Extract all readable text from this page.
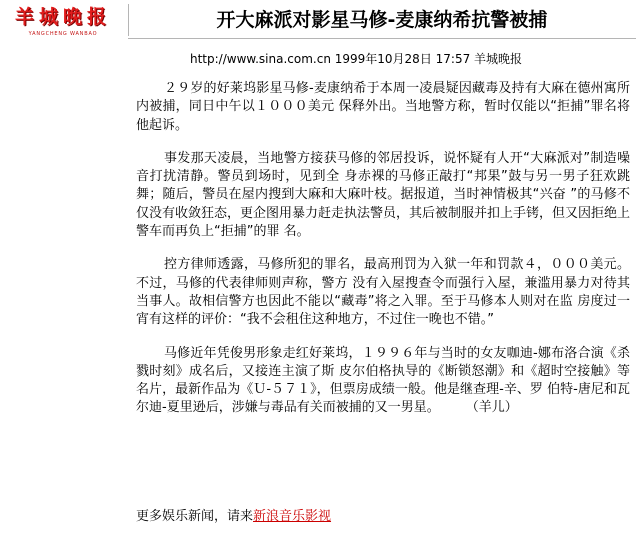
羊城晚报
YANGCHENG WANBAO
开大麻派对影星马修-麦康纳希抗警被捕
http://www.sina.com.cn 1999年10月28日 17:57 羊城晚报

２９岁的好莱坞影星马修-麦康纳希于本周一凌晨疑因藏毒及持有大麻在德州寓所内被捕，同日中午以１０００美元 保释外出。当地警方称，暂时仅能以“拒捕”罪名将他起诉。

事发那天凌晨，当地警方接获马修的邻居投诉，说怀疑有人开“大麻派对”制造噪音打扰清静。警员到场时，见到全 身赤裸的马修正敲打“邦果”鼓与另一男子狂欢跳舞；随后，警员在屋内搜到大麻和大麻叶枝。据报道，当时神情极其“兴奋 ”的马修不仅没有收敛狂态，更企图用暴力赶走执法警员，其后被制服并扣上手铐，但又因拒绝上警车而再负上“拒捕”的罪 名。

控方律师透露，马修所犯的罪名，最高刑罚为入狱一年和罚款４，０００美元。不过，马修的代表律师则声称，警方 没有入屋搜查令而强行入屋，兼滥用暴力对待其当事人。故相信警方也因此不能以“藏毒”将之入罪。至于马修本人则对在监 房度过一宵有这样的评价：“我不会租住这种地方，不过住一晚也不错。”

马修近年凭俊男形象走红好莱坞，１９９６年与当时的女友咖迪-娜布洛合演《杀戮时刻》成名后，又接连主演了斯 皮尔伯格执导的《断锁怒潮》和《超时空接触》等名片，最新作品为《Ｕ-５７１》，但票房成绩一般。他是继查理-辛、罗 伯特-唐尼和瓦尔迪-夏里逊后，涉嫌与毒品有关而被捕的又一男星。　　　（羊儿）

更多娱乐新闻，请来新浪音乐影视
